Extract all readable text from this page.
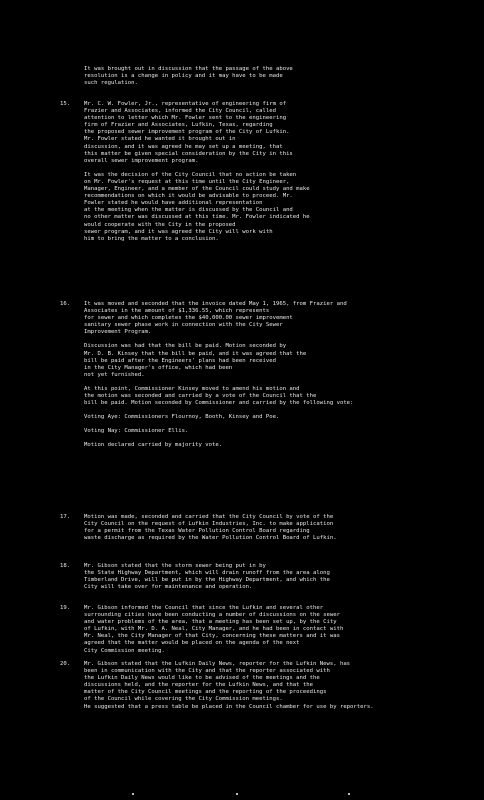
It was brought out in discussion that the passage of the above
resolution is a change in policy and it may have to be made
such regulation.

15.	Mr. C. W. Fowler, Jr., representative of engineering firm of
Frazier and Associates, informed the City Council, called
attention to letter which Mr. Fowler sent to the engineering
firm of Frazier and Associates, Lufkin, Texas, regarding
the proposed sewer improvement program of the City of Lufkin.
Mr. Fowler stated he wanted it brought out in
discussion, and it was agreed he may set up a meeting, that
this matter be given special consideration by the City in this
overall sewer improvement program.

It was the decision of the City Council that no action be taken
on Mr. Fowler's request at this time until the City Engineer,
Manager, Engineer, and a member of the Council could study and make
recommendations on which it would be advisable to proceed. Mr.
Fowler stated he would have additional representation
at the meeting when the matter is discussed by the Council and
no other matter was discussed at this time. Mr. Fowler indicated he
would cooperate with the City in the proposed
sewer program, and it was agreed the City will work with
him to bring the matter to a conclusion.

16.	It was moved and seconded that the invoice dated May 1, 1965, from Frazier and
Associates in the amount of $1,336.55, which represents
for sewer and which completes the $40,000.00 sewer improvement
sanitary sewer phase work in connection with the City Sewer
Improvement Program.

Discussion was had that the bill be paid. Motion seconded by
Mr. D. B. Kinsey that the bill be paid, and it was agreed that the
bill be paid after the Engineers' plans had been received
in the City Manager's office, which had been
not yet furnished.

At this point, Commissioner Kinsey moved to amend his motion and
the motion was seconded and carried by a vote of the Council that the
bill be paid. Motion seconded by Commissioner and carried by the following vote:

Voting Aye: Commissioners Flournoy, Booth, Kinsey and Poe.

Voting Nay: Commissioner Ellis.

Motion declared carried by majority vote.

17.	Motion was made, seconded and carried that the City Council by vote of the
City Council on the request of Lufkin Industries, Inc. to make application
for a permit from the Texas Water Pollution Control Board regarding
waste discharge as required by the Water Pollution Control Board of Lufkin.

18.	Mr. Gibson stated that the storm sewer being put in by
the State Highway Department, which will drain runoff from the area along
Timberland Drive, will be put in by the Highway Department, and which the
City will take over for maintenance and operation.

19.	Mr. Gibson informed the Council that since the Lufkin and several other
surrounding cities have been conducting a number of discussions on the sewer
and water problems of the area, that a meeting has been set up, by the City
of Lufkin, with Mr. D. A. Neal, City Manager, and he had been in contact with
Mr. Neal, the City Manager of that City, concerning these matters and it was
agreed that the matter would be placed on the agenda of the next
City Commission meeting.

20.	Mr. Gibson stated that the Lufkin Daily News, reporter for the Lufkin News, has
been in communication with the City and that the reporter associated with
the Lufkin Daily News would like to be advised of the meetings and the
discussions held, and the reporter for the Lufkin News, and that the
matter of the City Council meetings and the reporting of the proceedings
of the Council while covering the City Commission meetings.
He suggested that a press table be placed in the Council chamber for use by reporters.
